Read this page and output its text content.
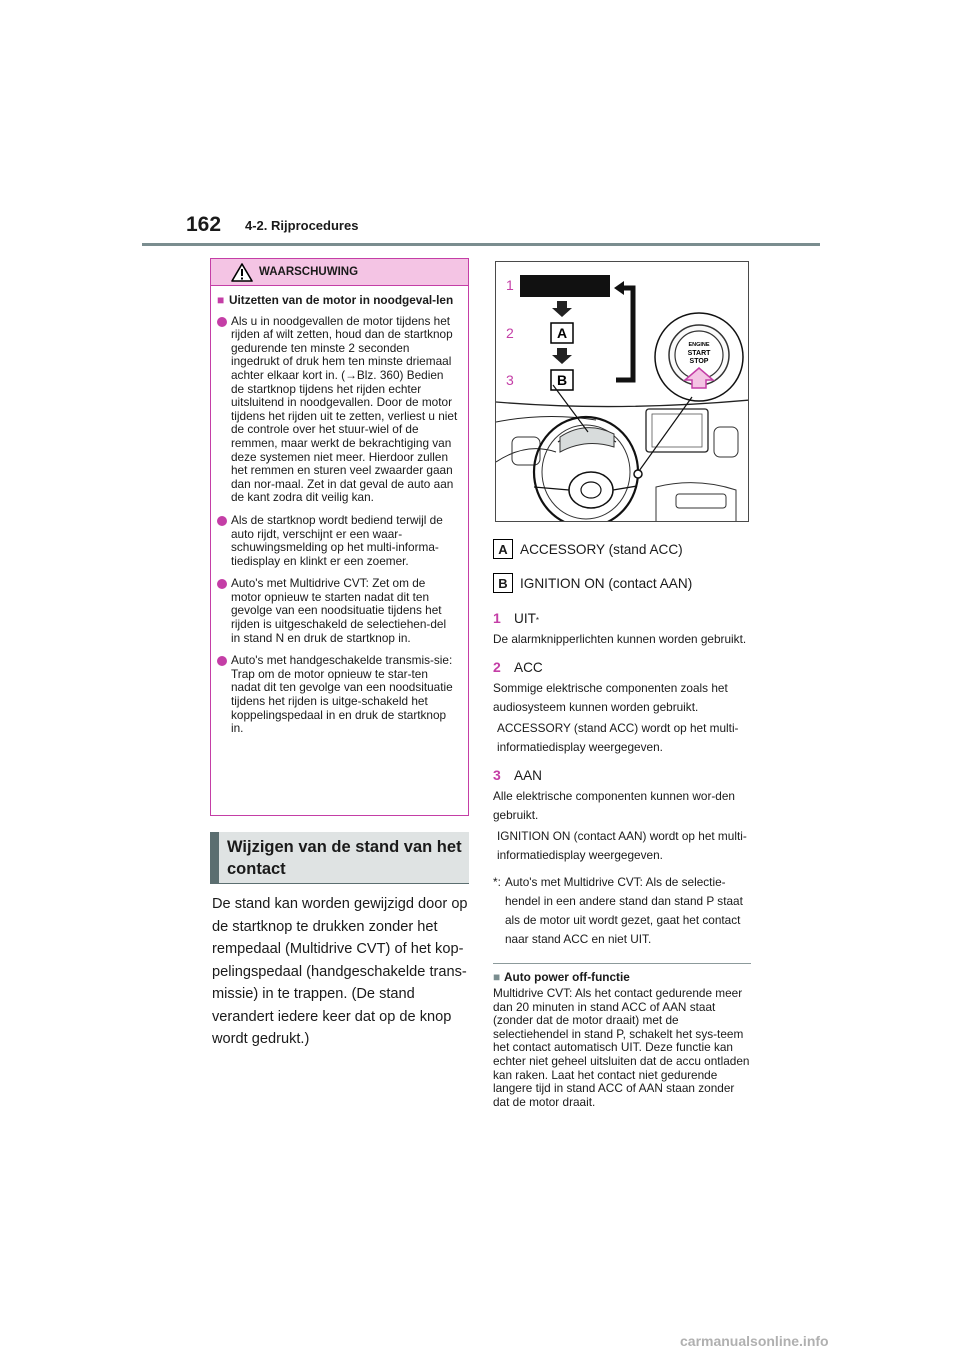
162 4-2. Rijprocedures
WAARSCHUWING
■ Uitzetten van de motor in noodgeval-len
Als u in noodgevallen de motor tijdens het rijden af wilt zetten, houd dan de startknop gedurende ten minste 2 seconden ingedrukt of druk hem ten minste driemaal achter elkaar kort in. (→Blz. 360) Bedien de startknop tijdens het rijden echter uitsluitend in noodgevallen. Door de motor tijdens het rijden uit te zetten, verliest u niet de controle over het stuur-wiel of de remmen, maar werkt de bekrachtiging van deze systemen niet meer. Hierdoor zullen het remmen en sturen veel zwaarder gaan dan nor-maal. Zet in dat geval de auto aan de kant zodra dit veilig kan.
Als de startknop wordt bediend terwijl de auto rijdt, verschijnt er een waar-schuwingsmelding op het multi-informa-tiedisplay en klinkt er een zoemer.
Auto's met Multidrive CVT: Zet om de motor opnieuw te starten nadat dit ten gevolge van een noodsituatie tijdens het rijden is uitgeschakeld de selectiehen-del in stand N en druk de startknop in.
Auto's met handgeschakelde transmis-sie: Trap om de motor opnieuw te star-ten nadat dit ten gevolge van een noodsituatie tijdens het rijden is uitge-schakeld het koppelingspedaal in en druk de startknop in.
Wijzigen van de stand van het contact
De stand kan worden gewijzigd door op de startknop te drukken zonder het rempedaal (Multidrive CVT) of het kop-pelingspedaal (handgeschakelde trans-missie) in te trappen. (De stand verandert iedere keer dat op de knop wordt gedrukt.)
1
2
3
A
B
ENGINE
START
STOP
A ACCESSORY (stand ACC)
B IGNITION ON (contact AAN)
1 UIT *
De alarmknipperlichten kunnen worden gebruikt.
2 ACC
Sommige elektrische componenten zoals het audiosysteem kunnen worden gebruikt.
ACCESSORY (stand ACC) wordt op het multi-informatiedisplay weergegeven.
3 AAN
Alle elektrische componenten kunnen wor-den gebruikt.
IGNITION ON (contact AAN) wordt op het multi-informatiedisplay weergegeven.
*: Auto's met Multidrive CVT: Als de selectie-hendel in een andere stand dan stand P staat als de motor uit wordt gezet, gaat het contact naar stand ACC en niet UIT.
■ Auto power off-functie
Multidrive CVT: Als het contact gedurende meer dan 20 minuten in stand ACC of AAN staat (zonder dat de motor draait) met de selectiehendel in stand P, schakelt het sys-teem het contact automatisch UIT. Deze functie kan echter niet geheel uitsluiten dat de accu ontladen kan raken. Laat het contact niet gedurende langere tijd in stand ACC of AAN staan zonder dat de motor draait.
carmanualsonline.info
